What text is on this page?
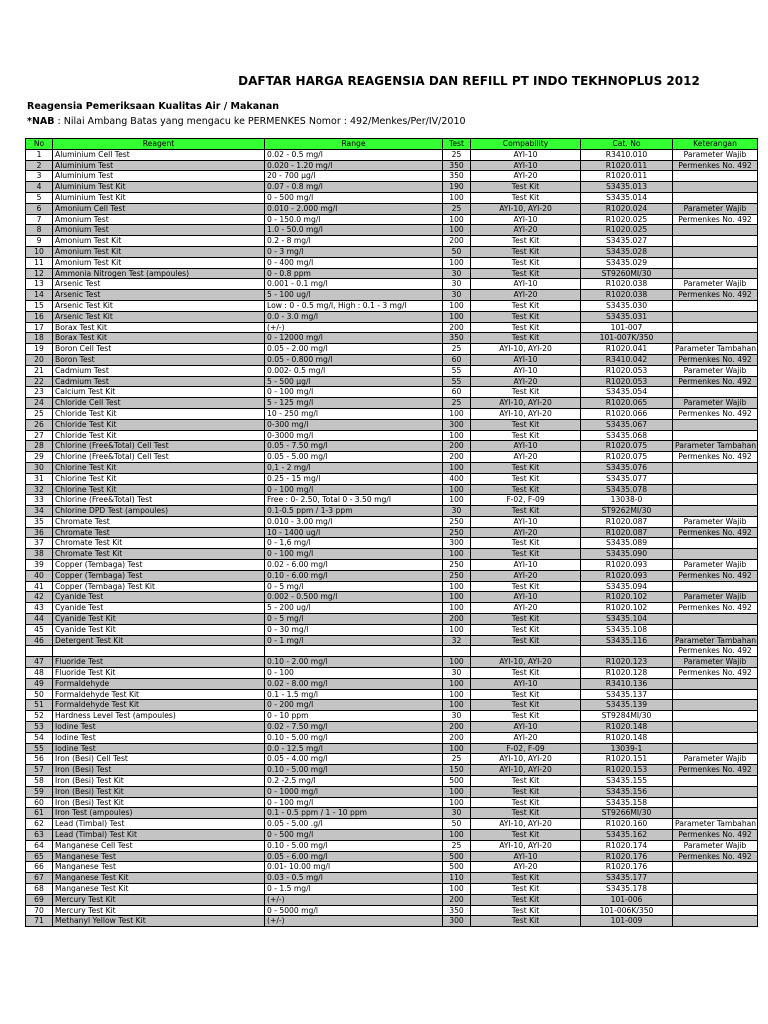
DAFTAR HARGA REAGENSIA DAN REFILL PT INDO TEKHNOPLUS 2012
Reagensia Pemeriksaan Kualitas Air / Makanan
*NAB : Nilai Ambang Batas yang mengacu ke PERMENKES Nomor : 492/Menkes/Per/IV/2010
No	Reagent	Range	Test	Compability	Cat. No	Keterangan
1	Aluminium Cell Test	0.02 - 0.5 mg/l	25	AYI-10	R3410.010	Parameter Wajib
2	Aluminium Test	0.020 - 1.20 mg/l	350	AYI-10	R1020.011	Permenkes No. 492
3	Aluminium Test	20 - 700 µg/l	350	AYI-20	R1020.011	
4	Aluminium Test Kit	0.07 - 0.8 mg/l	190	Test Kit	S3435.013	
5	Aluminium Test Kit	0 - 500 mg/l	100	Test Kit	S3435.014	
6	Amonium Cell Test	0.010 - 2.000 mg/l	25	AYI-10, AYI-20	R1020.024	Parameter Wajib
7	Amonium Test	0 - 150.0 mg/l	100	AYI-10	R1020.025	Permenkes No. 492
8	Amonium Test	1.0 - 50.0 mg/l	100	AYI-20	R1020.025	
9	Amonium Test Kit	0.2 - 8 mg/l	200	Test Kit	S3435.027	
10	Amonium Test Kit	0 - 3 mg/l	50	Test Kit	S3435.028	
11	Amonium Test Kit	0 - 400 mg/l	100	Test Kit	S3435.029	
12	Ammonia Nitrogen Test (ampoules)	0 - 0.8 ppm	30	Test Kit	ST9260MI/30	
13	Arsenic Test	0.001 - 0.1 mg/l	30	AYI-10	R1020.038	Parameter Wajib
14	Arsenic Test	5 - 100 ug/l	30	AYI-20	R1020.038	Permenkes No. 492
15	Arsenic Test Kit	Low : 0 - 0.5 mg/l, High : 0.1 - 3 mg/l	100	Test Kit	S3435.030	
16	Arsenic Test Kit	0.0 - 3.0 mg/l	100	Test Kit	S3435.031	
17	Borax Test Kit	(+/-)	200	Test Kit	101-007	
18	Borax Test Kit	0 - 12000 mg/l	350	Test Kit	101-007K/350	
19	Boron Cell Test	0.05 - 2.00 mg/l	25	AYI-10, AYI-20	R1020.041	Parameter Tambahan
20	Boron Test	0.05 - 0.800 mg/l	60	AYI-10	R3410.042	Permenkes No. 492
21	Cadmium Test	0.002- 0.5 mg/l	55	AYI-10	R1020.053	Parameter Wajib
22	Cadmium Test	5 - 500 µg/l	55	AYI-20	R1020.053	Permenkes No. 492
23	Calcium Test Kit	0 - 100 mg/l	60	Test Kit	S3435.054	
24	Chloride Cell Test	5 - 125 mg/l	25	AYI-10, AYI-20	R1020.065	Parameter Wajib
25	Chloride Test Kit	10 - 250 mg/l	100	AYI-10, AYI-20	R1020.066	Permenkes No. 492
26	Chloride Test Kit	0-300 mg/l	300	Test Kit	S3435.067	
27	Chloride Test Kit	0-3000 mg/l	100	Test Kit	S3435.068	
28	Chlorine (Free&Total) Cell Test	0.05 - 7.50 mg/l	200	AYI-10	R1020.075	Parameter Tambahan
29	Chlorine (Free&Total) Cell Test	0.05 - 5.00 mg/l	200	AYI-20	R1020.075	Permenkes No. 492
30	Chlorine Test Kit	0,1 - 2 mg/l	100	Test Kit	S3435.076	
31	Chlorine Test Kit	0.25 - 15 mg/l	400	Test Kit	S3435.077	
32	Chlorine Test Kit	0 - 100 mg/l	100	Test Kit	S3435.078	
33	Chlorine (Free&Total) Test	Free : 0- 2.50, Total 0 - 3.50 mg/l	100	F-02, F-09	13038-0	
34	Chlorine DPD Test (ampoules)	0.1-0.5 ppm / 1-3 ppm	30	Test Kit	ST9262MI/30	
35	Chromate Test	0.010 - 3.00 mg/l	250	AYI-10	R1020.087	Parameter Wajib
36	Chromate Test	10 - 1400 ug/l	250	AYI-20	R1020.087	Permenkes No. 492
37	Chromate Test Kit	0 - 1,6 mg/l	300	Test Kit	S3435.089	
38	Chromate Test Kit	0 - 100 mg/l	100	Test Kit	S3435.090	
39	Copper (Tembaga) Test	0.02 - 6.00 mg/l	250	AYI-10	R1020.093	Parameter Wajib
40	Copper (Tembaga) Test	0.10 - 6.00 mg/l	250	AYI-20	R1020.093	Permenkes No. 492
41	Copper (Tembaga) Test Kit	0 - 5 mg/l	100	Test Kit	S3435.094	
42	Cyanide Test	0.002 - 0.500 mg/l	100	AYI-10	R1020.102	Parameter Wajib
43	Cyanide Test	5 - 200 ug/l	100	AYI-20	R1020.102	Permenkes No. 492
44	Cyanide Test Kit	0 - 5 mg/l	200	Test Kit	S3435.104	
45	Cyanide Test Kit	0 - 30 mg/l	100	Test Kit	S3435.108	
46	Detergent Test Kit	0 - 1 mg/l	32	Test Kit	S3435.116	Parameter Tambahan
						Permenkes No. 492
47	Fluoride Test	0.10 - 2.00 mg/l	100	AYI-10, AYI-20	R1020.123	Parameter Wajib
48	Fluoride Test Kit	0 - 100	30	Test Kit	R1020.128	Permenkes No. 492
49	Formaldehyde	0.02 - 8.00 mg/l	100	AYI-10	R3410.136	
50	Formaldehyde Test Kit	0.1 - 1.5 mg/l	100	Test Kit	S3435.137	
51	Formaldehyde Test Kit	0 - 200 mg/l	100	Test Kit	S3435.139	
52	Hardness Level Test (ampoules)	0 - 10 ppm	30	Test Kit	ST9284MI/30	
53	Iodine Test	0.02 - 7.50 mg/l	200	AYI-10	R1020.148	
54	Iodine Test	0.10 - 5.00 mg/l	200	AYI-20	R1020.148	
55	Iodine Test	0.0 - 12.5 mg/l	100	F-02, F-09	13039-1	
56	Iron (Besi) Cell Test	0.05 - 4.00 mg/l	25	AYI-10, AYI-20	R1020.151	Parameter Wajib
57	Iron (Besi) Test	0.10 - 5.00 mg/l	150	AYI-10, AYI-20	R1020.153	Permenkes No. 492
58	Iron (Besi) Test Kit	0.2 -2.5 mg/l	500	Test Kit	S3435.155	
59	Iron (Besi) Test Kit	0 - 1000 mg/l	100	Test Kit	S3435.156	
60	Iron (Besi) Test Kit	0 - 100 mg/l	100	Test Kit	S3435.158	
61	Iron Test (ampoules)	0.1 - 0.5 ppm / 1 - 10 ppm	30	Test Kit	ST9266MI/30	
62	Lead (Timbal) Test	0.05 - 5.00 .g/l	50	AYI-10, AYI-20	R1020.160	Parameter Tambahan
63	Lead (Timbal) Test Kit	0 - 500 mg/l	100	Test Kit	S3435.162	Permenkes No. 492
64	Manganese Cell Test	0.10 - 5.00 mg/l	25	AYI-10, AYI-20	R1020.174	Parameter Wajib
65	Manganese Test	0.05 - 6.00 mg/l	500	AYI-10	R1020.176	Permenkes No. 492
66	Manganese Test	0.01- 10.00 mg/l	500	AYI-20	R1020.176	
67	Manganese Test Kit	0.03 - 0.5 mg/l	110	Test Kit	S3435.177	
68	Manganese Test Kit	0 - 1.5 mg/l	100	Test Kit	S3435.178	
69	Mercury Test Kit	(+/-)	200	Test Kit	101-006	
70	Mercury Test Kit	0 - 5000 mg/l	350	Test Kit	101-006K/350	
71	Methanyl Yellow Test Kit	(+/-)	300	Test Kit	101-009	
